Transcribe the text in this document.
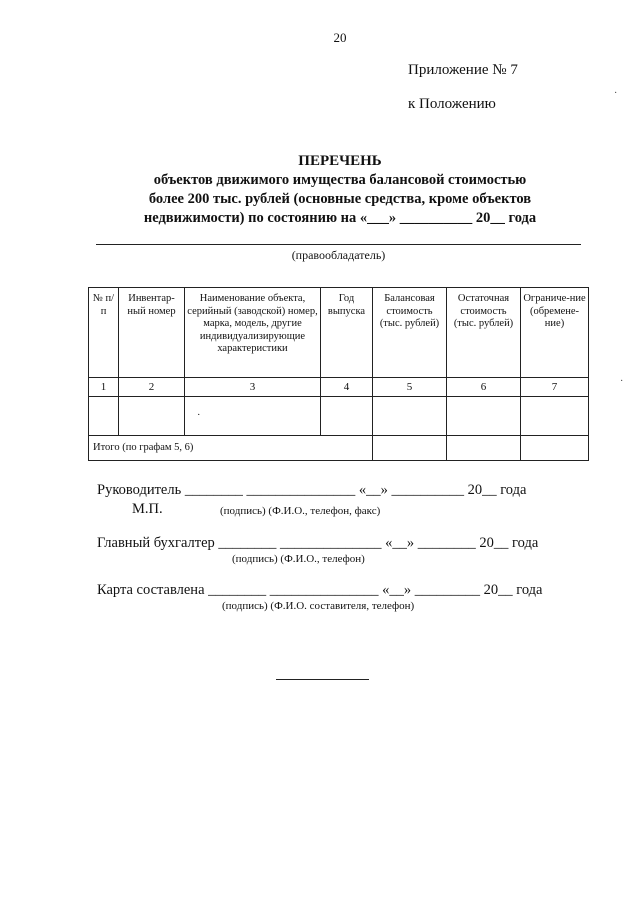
20
Приложение № 7
к Положению
·
·
ПЕРЕЧЕНЬ
объектов движимого имущества балансовой стоимостью
более 200 тыс. рублей (основные средства, кроме объектов
недвижимости) по состоянию на «___» __________ 20__ года
(правообладатель)
№ п/п	Инвентар-ный номер	Наименование объекта, серийный (заводской) номер, марка, модель, другие индивидуализирующие характеристики	Год выпуска	Балансовая стоимость (тыс. рублей)	Остаточная стоимость (тыс. рублей)	Ограниче-ние (обремене-ние)
1	2	3	4	5	6	7
		·				
Итого (по графам 5, 6)						
Руководитель ________ _______________ «__» __________ 20__ года
М.П.	(подпись) (Ф.И.О., телефон, факс)
Главный бухгалтер ________ ______________ «__» ________ 20__ года
(подпись) (Ф.И.О., телефон)
Карта составлена ________ _______________ «__» _________ 20__ года
(подпись) (Ф.И.О. составителя, телефон)
